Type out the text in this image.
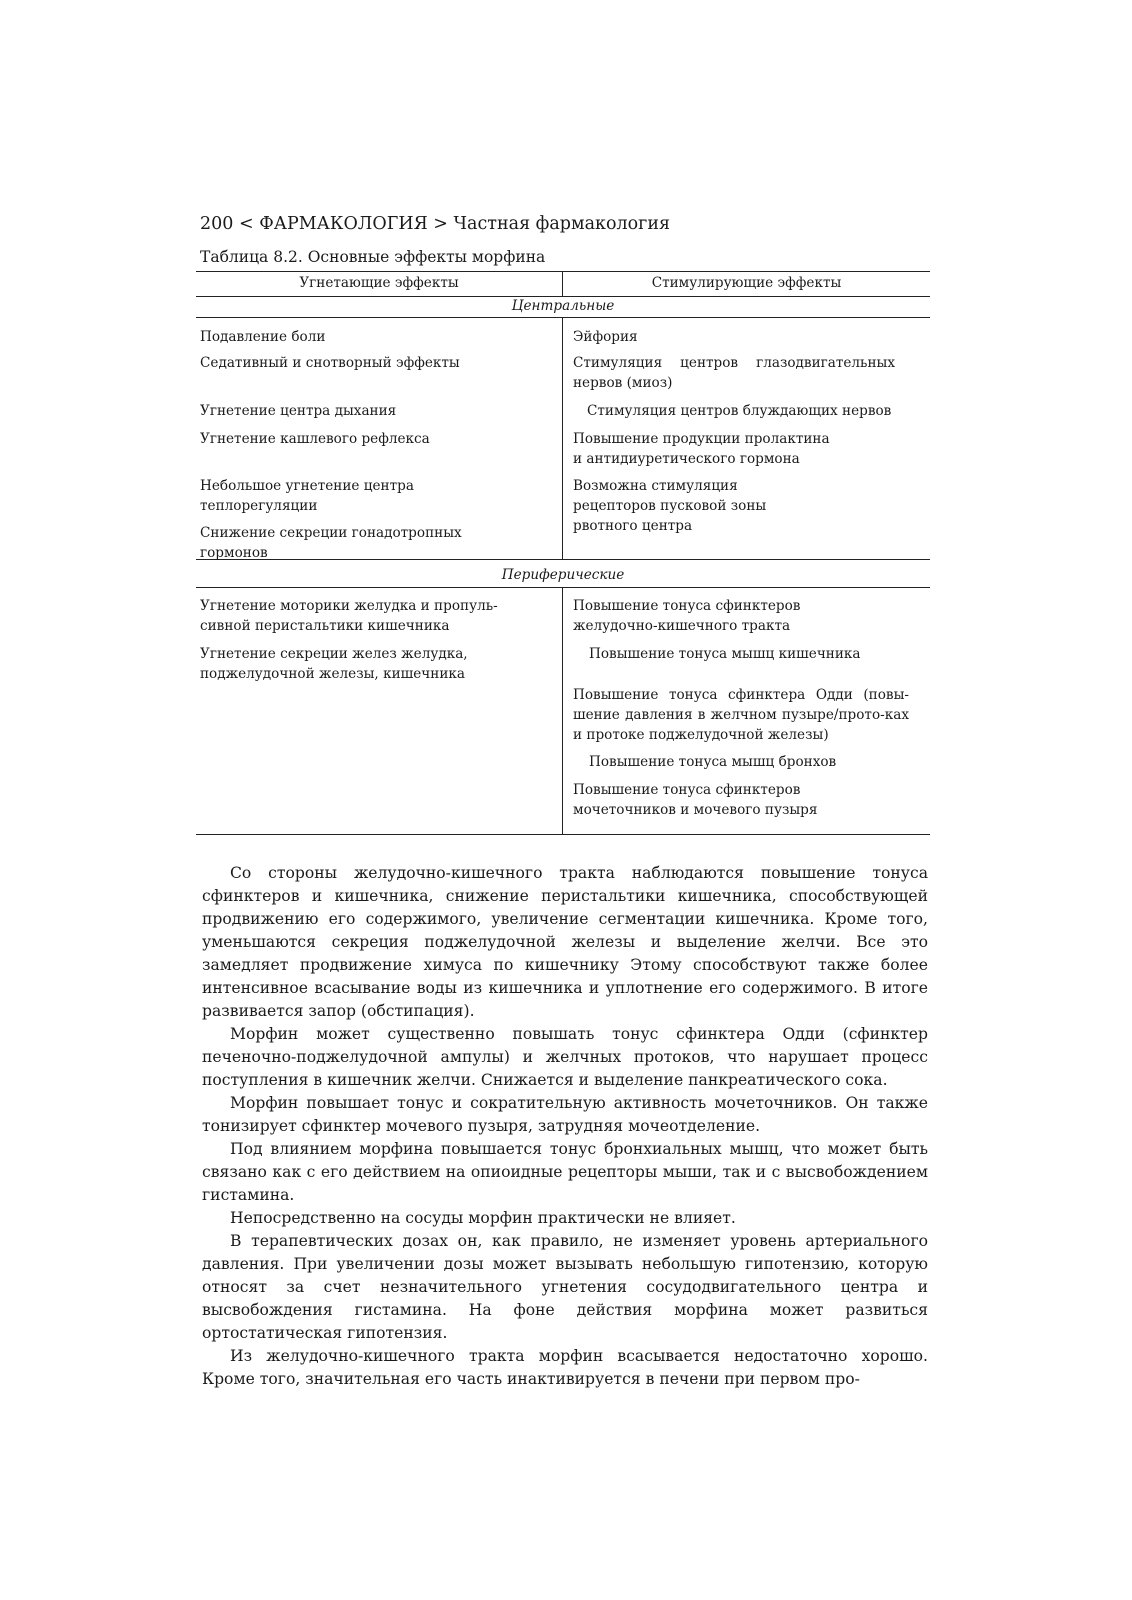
200 < ФАРМАКОЛОГИЯ > Частная фармакология
Таблица 8.2. Основные эффекты морфина
Угнетающие эффекты	Стимулирующие эффекты
Центральные
Подавление боли
Седативный и снотворный эффекты
Угнетение центра дыхания
Угнетение кашлевого рефлекса
Небольшое угнетение центра теплорегуляции
Снижение секреции гонадотропных гормонов
Эйфория
Стимуляция центров глазодвигательных нервов (миоз)
Стимуляция центров блуждающих нервов
Повышение продукции пролактина и антидиуретического гормона
Возможна стимуляция рецепторов пусковой зоны рвотного центра
Периферические
Угнетение моторики желудка и пропуль-сивной перистальтики кишечника
Угнетение секреции желез желудка, поджелудочной железы, кишечника
Повышение тонуса сфинктеров желудочно-кишечного тракта
Повышение тонуса мышц кишечника
Повышение тонуса сфинктера Одди (повы-шение давления в желчном пузыре/прото-ках и протоке поджелудочной железы)
Повышение тонуса мышц бронхов
Повышение тонуса сфинктеров мочеточников и мочевого пузыря

Со стороны желудочно-кишечного тракта наблюдаются повышение тонуса сфинктеров и кишечника, снижение перистальтики кишечника, способствующей продвижению его содержимого, увеличение сегментации кишечника. Кроме того, уменьшаются секреция поджелудочной железы и выделение желчи. Все это замедляет продвижение химуса по кишечнику Этому способствуют также более интенсивное всасывание воды из кишечника и уплотнение его содержимого. В итоге развивается запор (обстипация).

Морфин может существенно повышать тонус сфинктера Одди (сфинктер печеночно-поджелудочной ампулы) и желчных протоков, что нарушает процесс поступления в кишечник желчи. Снижается и выделение панкреатического сока.

Морфин повышает тонус и сократительную активность мочеточников. Он также тонизирует сфинктер мочевого пузыря, затрудняя мочеотделение.

Под влиянием морфина повышается тонус бронхиальных мышц, что может быть связано как с его действием на опиоидные рецепторы мыши, так и с высвобождением гистамина.

Непосредственно на сосуды морфин практически не влияет.

В терапевтических дозах он, как правило, не изменяет уровень артериального давления. При увеличении дозы может вызывать небольшую гипотензию, которую относят за счет незначительного угнетения сосудодвигательного центра и высвобождения гистамина. На фоне действия морфина может развиться ортостатическая гипотензия.

Из желудочно-кишечного тракта морфин всасывается недостаточно хорошо. Кроме того, значительная его часть инактивируется в печени при первом про-
